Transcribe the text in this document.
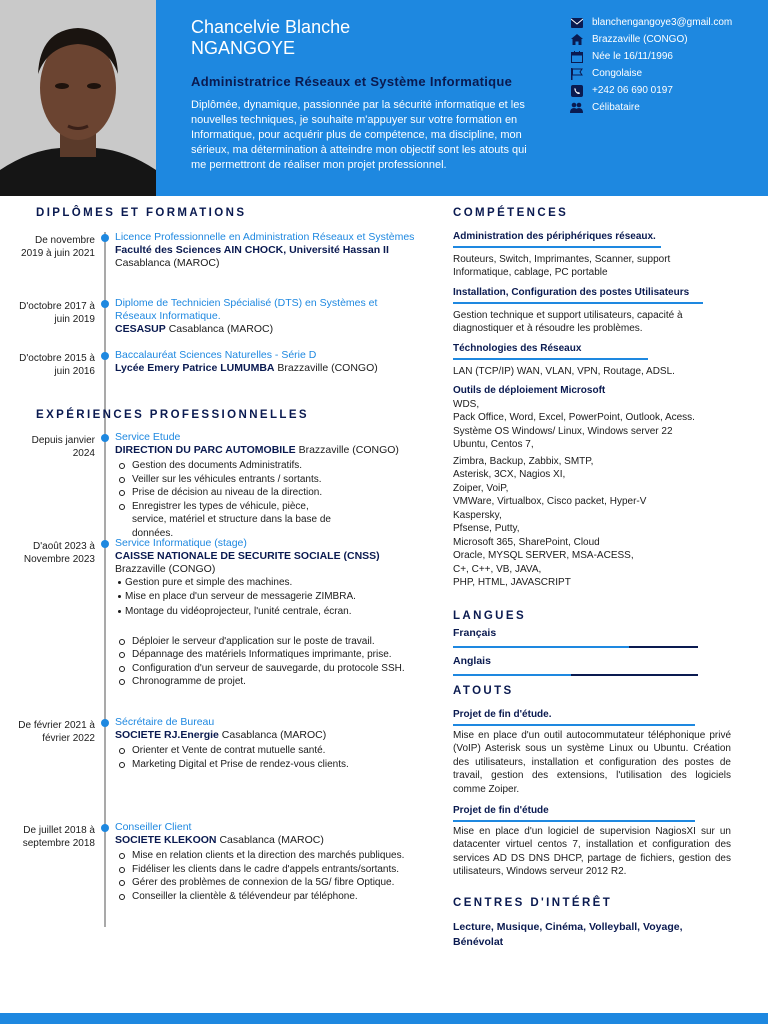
Chancelvie Blanche
NGANGOYE
Administratrice Réseaux et Système Informatique
Diplômée, dynamique, passionnée par la sécurité informatique et les nouvelles techniques, je souhaite m'appuyer sur votre formation en Informatique, pour acquérir plus de compétence, ma discipline, mon sérieux, ma détermination à atteindre mon objectif sont les atouts qui me permettront de réaliser mon projet professionnel.
blanchengangoye3@gmail.com
Brazzaville (CONGO)
Née le 16/11/1996
Congolaise
+242 06 690 0197
Célibataire
DIPLÔMES ET FORMATIONS
De novembre 2019 à juin 2021
Licence Professionnelle en Administration Réseaux et Systèmes
Faculté des Sciences AIN CHOCK, Université Hassan II
Casablanca (MAROC)
D'octobre 2017 à juin 2019
Diplome de Technicien Spécialisé (DTS) en Systèmes et Réseaux Informatique.
CESASUP Casablanca (MAROC)
D'octobre 2015 à juin 2016
Baccalauréat Sciences Naturelles - Série D
Lycée Emery Patrice LUMUMBA Brazzaville (CONGO)
EXPÉRIENCES PROFESSIONNELLES
Depuis janvier 2024
Service Etude
DIRECTION DU PARC AUTOMOBILE Brazzaville (CONGO)
Gestion des documents Administratifs.
Veiller sur les véhicules entrants / sortants.
Prise de décision au niveau de la direction.
Enregistrer les types de véhicule, pièce, service, matériel et structure dans la base de données.
D'août 2023 à Novembre 2023
Service Informatique (stage)
CAISSE NATIONALE DE SECURITE SOCIALE (CNSS)
Brazzaville (CONGO)
Gestion pure et simple des machines.
Mise en place d'un serveur de messagerie ZIMBRA.
Montage du vidéoprojecteur, l'unité centrale, écran.
Déploier le serveur d'application sur le poste de travail.
Dépannage des matériels Informatiques imprimante, prise.
Configuration d'un serveur de sauvegarde, du protocole SSH.
Chronogramme de projet.
De février 2021 à février 2022
Sécrétaire de Bureau
SOCIETE RJ.Energie Casablanca (MAROC)
Orienter et Vente de contrat mutuelle santé.
Marketing Digital et Prise de rendez-vous clients.
De juillet 2018 à septembre 2018
Conseiller Client
SOCIETE KLEKOON Casablanca (MAROC)
Mise en relation clients et la direction des marchés publiques.
Fidéliser les clients dans le cadre d'appels entrants/sortants.
Gérer des problèmes de connexion de la 5G/ fibre Optique.
Conseiller la clientèle & télévendeur par téléphone.
COMPÉTENCES
Administration des périphériques réseaux.
Routeurs, Switch, Imprimantes, Scanner, support Informatique, cablage, PC portable
Installation, Configuration des postes Utilisateurs
Gestion technique et support utilisateurs, capacité à diagnostiquer et à résoudre les problèmes.
Téchnologies des Réseaux
LAN (TCP/IP) WAN, VLAN, VPN, Routage, ADSL.
Outils de déploiement Microsoft
WDS,
Pack Office, Word, Excel, PowerPoint, Outlook, Acess.
Système OS Windows/ Linux, Windows server 22
Ubuntu, Centos 7,
Zimbra, Backup, Zabbix, SMTP,
Asterisk, 3CX, Nagios XI,
Zoiper, VoiP,
VMWare, Virtualbox, Cisco packet, Hyper-V
Kaspersky,
Pfsense, Putty,
Microsoft 365, SharePoint, Cloud
Oracle, MYSQL SERVER, MSA-ACESS,
C+, C++, VB, JAVA,
PHP, HTML, JAVASCRIPT
LANGUES
Français
Anglais
ATOUTS
Projet de fin d'étude.
Mise en place d'un outil autocommutateur téléphonique privé (VoIP) Asterisk sous un système Linux ou Ubuntu. Création des utilisateurs, installation et configuration des postes de travail, gestion des extensions, l'utilisation des logiciels comme Zoiper.
Projet de fin d'étude
Mise en place d'un logiciel de supervision NagiosXI sur un datacenter virtuel centos 7, installation et configuration des services AD DS DNS DHCP, partage de fichiers, gestion des utilisateurs, Windows serveur 2012 R2.
CENTRES D'INTÉRÊT
Lecture, Musique, Cinéma, Volleyball, Voyage, Bénévolat
